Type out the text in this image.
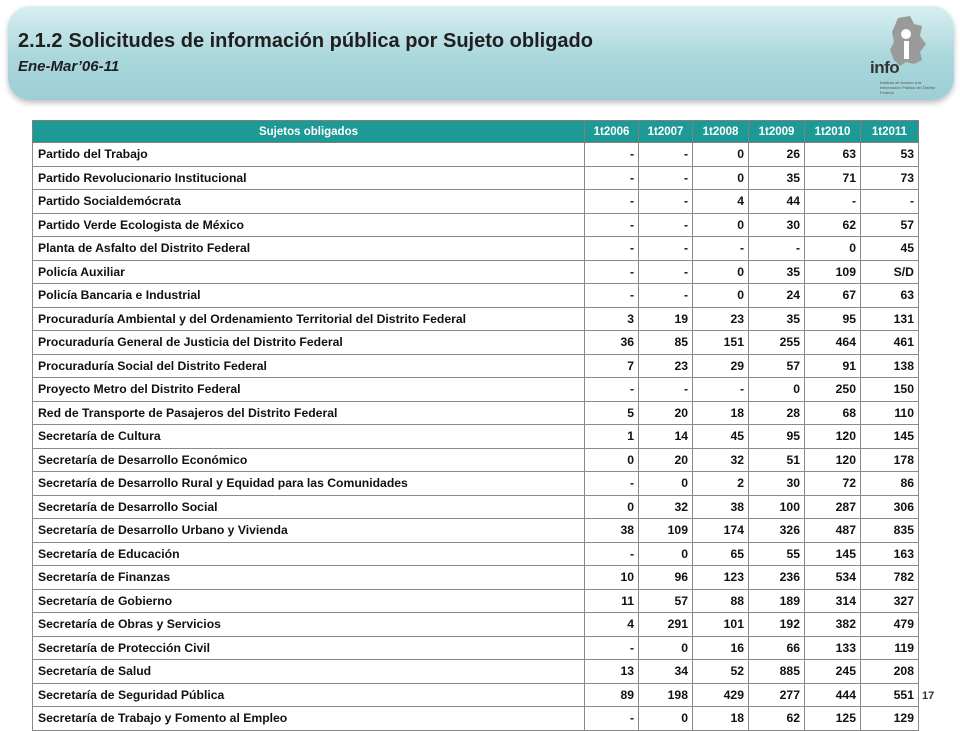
2.1.2 Solicitudes de información pública por Sujeto obligado
Ene-Mar’06-11	info
Instituto de Acceso a la Información Pública del Distrito Federal
Sujetos obligados	1t2006	1t2007	1t2008	1t2009	1t2010	1t2011
Partido del Trabajo	-	-	0	26	63	53
Partido Revolucionario Institucional	-	-	0	35	71	73
Partido Socialdemócrata	-	-	4	44	-	-
Partido Verde Ecologista de México	-	-	0	30	62	57
Planta de Asfalto del Distrito Federal	-	-	-	-	0	45
Policía Auxiliar	-	-	0	35	109	S/D
Policía Bancaria e Industrial	-	-	0	24	67	63
Procuraduría Ambiental y del Ordenamiento Territorial del Distrito Federal	3	19	23	35	95	131
Procuraduría General de Justicia del Distrito Federal	36	85	151	255	464	461
Procuraduría Social del Distrito Federal	7	23	29	57	91	138
Proyecto Metro del Distrito Federal	-	-	-	0	250	150
Red de Transporte de Pasajeros del Distrito Federal	5	20	18	28	68	110
Secretaría de Cultura	1	14	45	95	120	145
Secretaría de Desarrollo Económico	0	20	32	51	120	178
Secretaría de Desarrollo Rural y Equidad para las Comunidades	-	0	2	30	72	86
Secretaría de Desarrollo Social	0	32	38	100	287	306
Secretaría de Desarrollo Urbano y Vivienda	38	109	174	326	487	835
Secretaría de Educación	-	0	65	55	145	163
Secretaría de Finanzas	10	96	123	236	534	782
Secretaría de Gobierno	11	57	88	189	314	327
Secretaría de Obras y Servicios	4	291	101	192	382	479
Secretaría de Protección Civil	-	0	16	66	133	119
Secretaría de Salud	13	34	52	885	245	208
Secretaría de Seguridad Pública	89	198	429	277	444	551
Secretaría de Trabajo y Fomento al Empleo	-	0	18	62	125	129
17
